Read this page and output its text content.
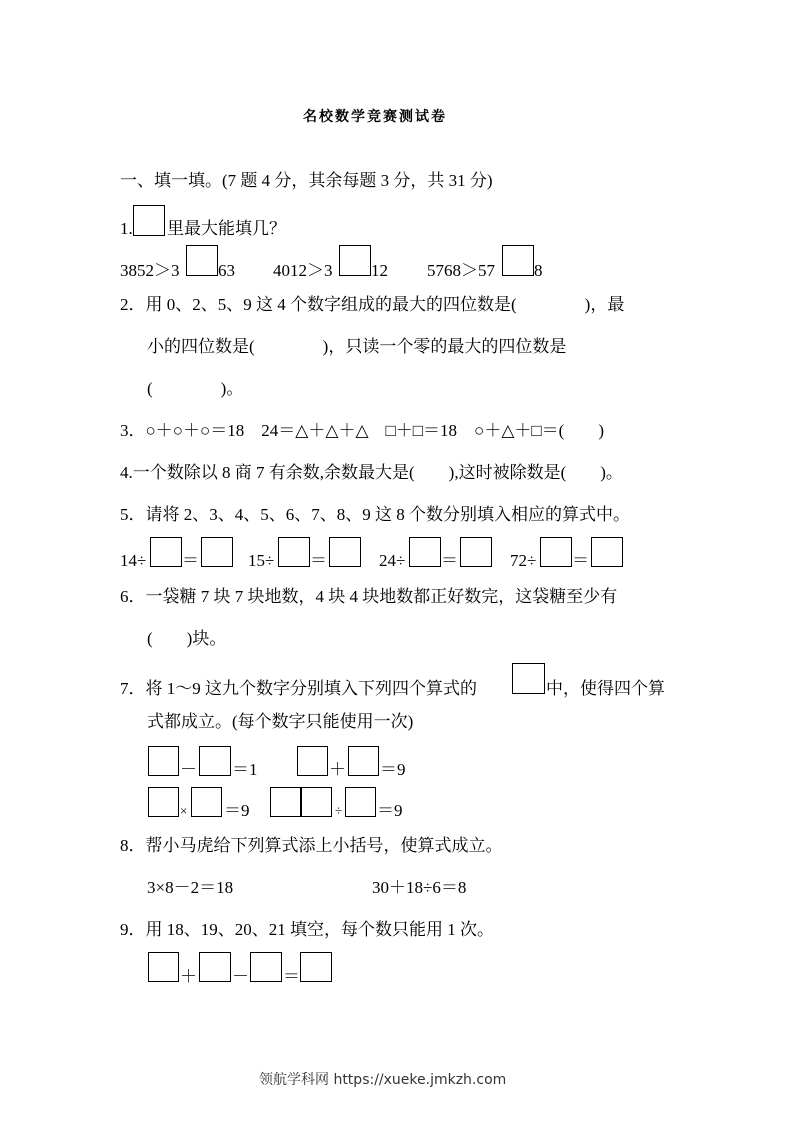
名校数学竞赛测试卷
一、填一填。(7 题 4 分，其余每题 3 分，共 31 分)
1. 里最大能填几？
3852＞3 63 4012＞3 12 5768＞57 8
2．用 0、2、5、9 这 4 个数字组成的最大的四位数是(　　　　)，最
小的四位数是(　　　　)，只读一个零的最大的四位数是
(　　　　)。
3．○＋○＋○＝18　24＝△＋△＋△　□＋□＝18　○＋△＋□＝(　　)
4.一个数除以 8 商 7 有余数,余数最大是(　　),这时被除数是(　　)。
5．请将 2、3、4、5、6、7、8、9 这 8 个数分别填入相应的算式中。
14÷ ＝	15÷ ＝	24÷ ＝	72÷ ＝
6．一袋糖 7 块 7 块地数，4 块 4 块地数都正好数完，这袋糖至少有
(　　)块。
7．将 1～9 这九个数字分别填入下列四个算式的	中，使得四个算
式都成立。(每个数字只能使用一次)
－ ＝1	＋ ＝9
× ＝9	÷ ＝9
8．帮小马虎给下列算式添上小括号，使算式成立。
3×8－2＝18	30＋18÷6＝8
9．用 18、19、20、21 填空，每个数只能用 1 次。
＋ － ＝
领航学科网 https://xueke.jmkzh.com
